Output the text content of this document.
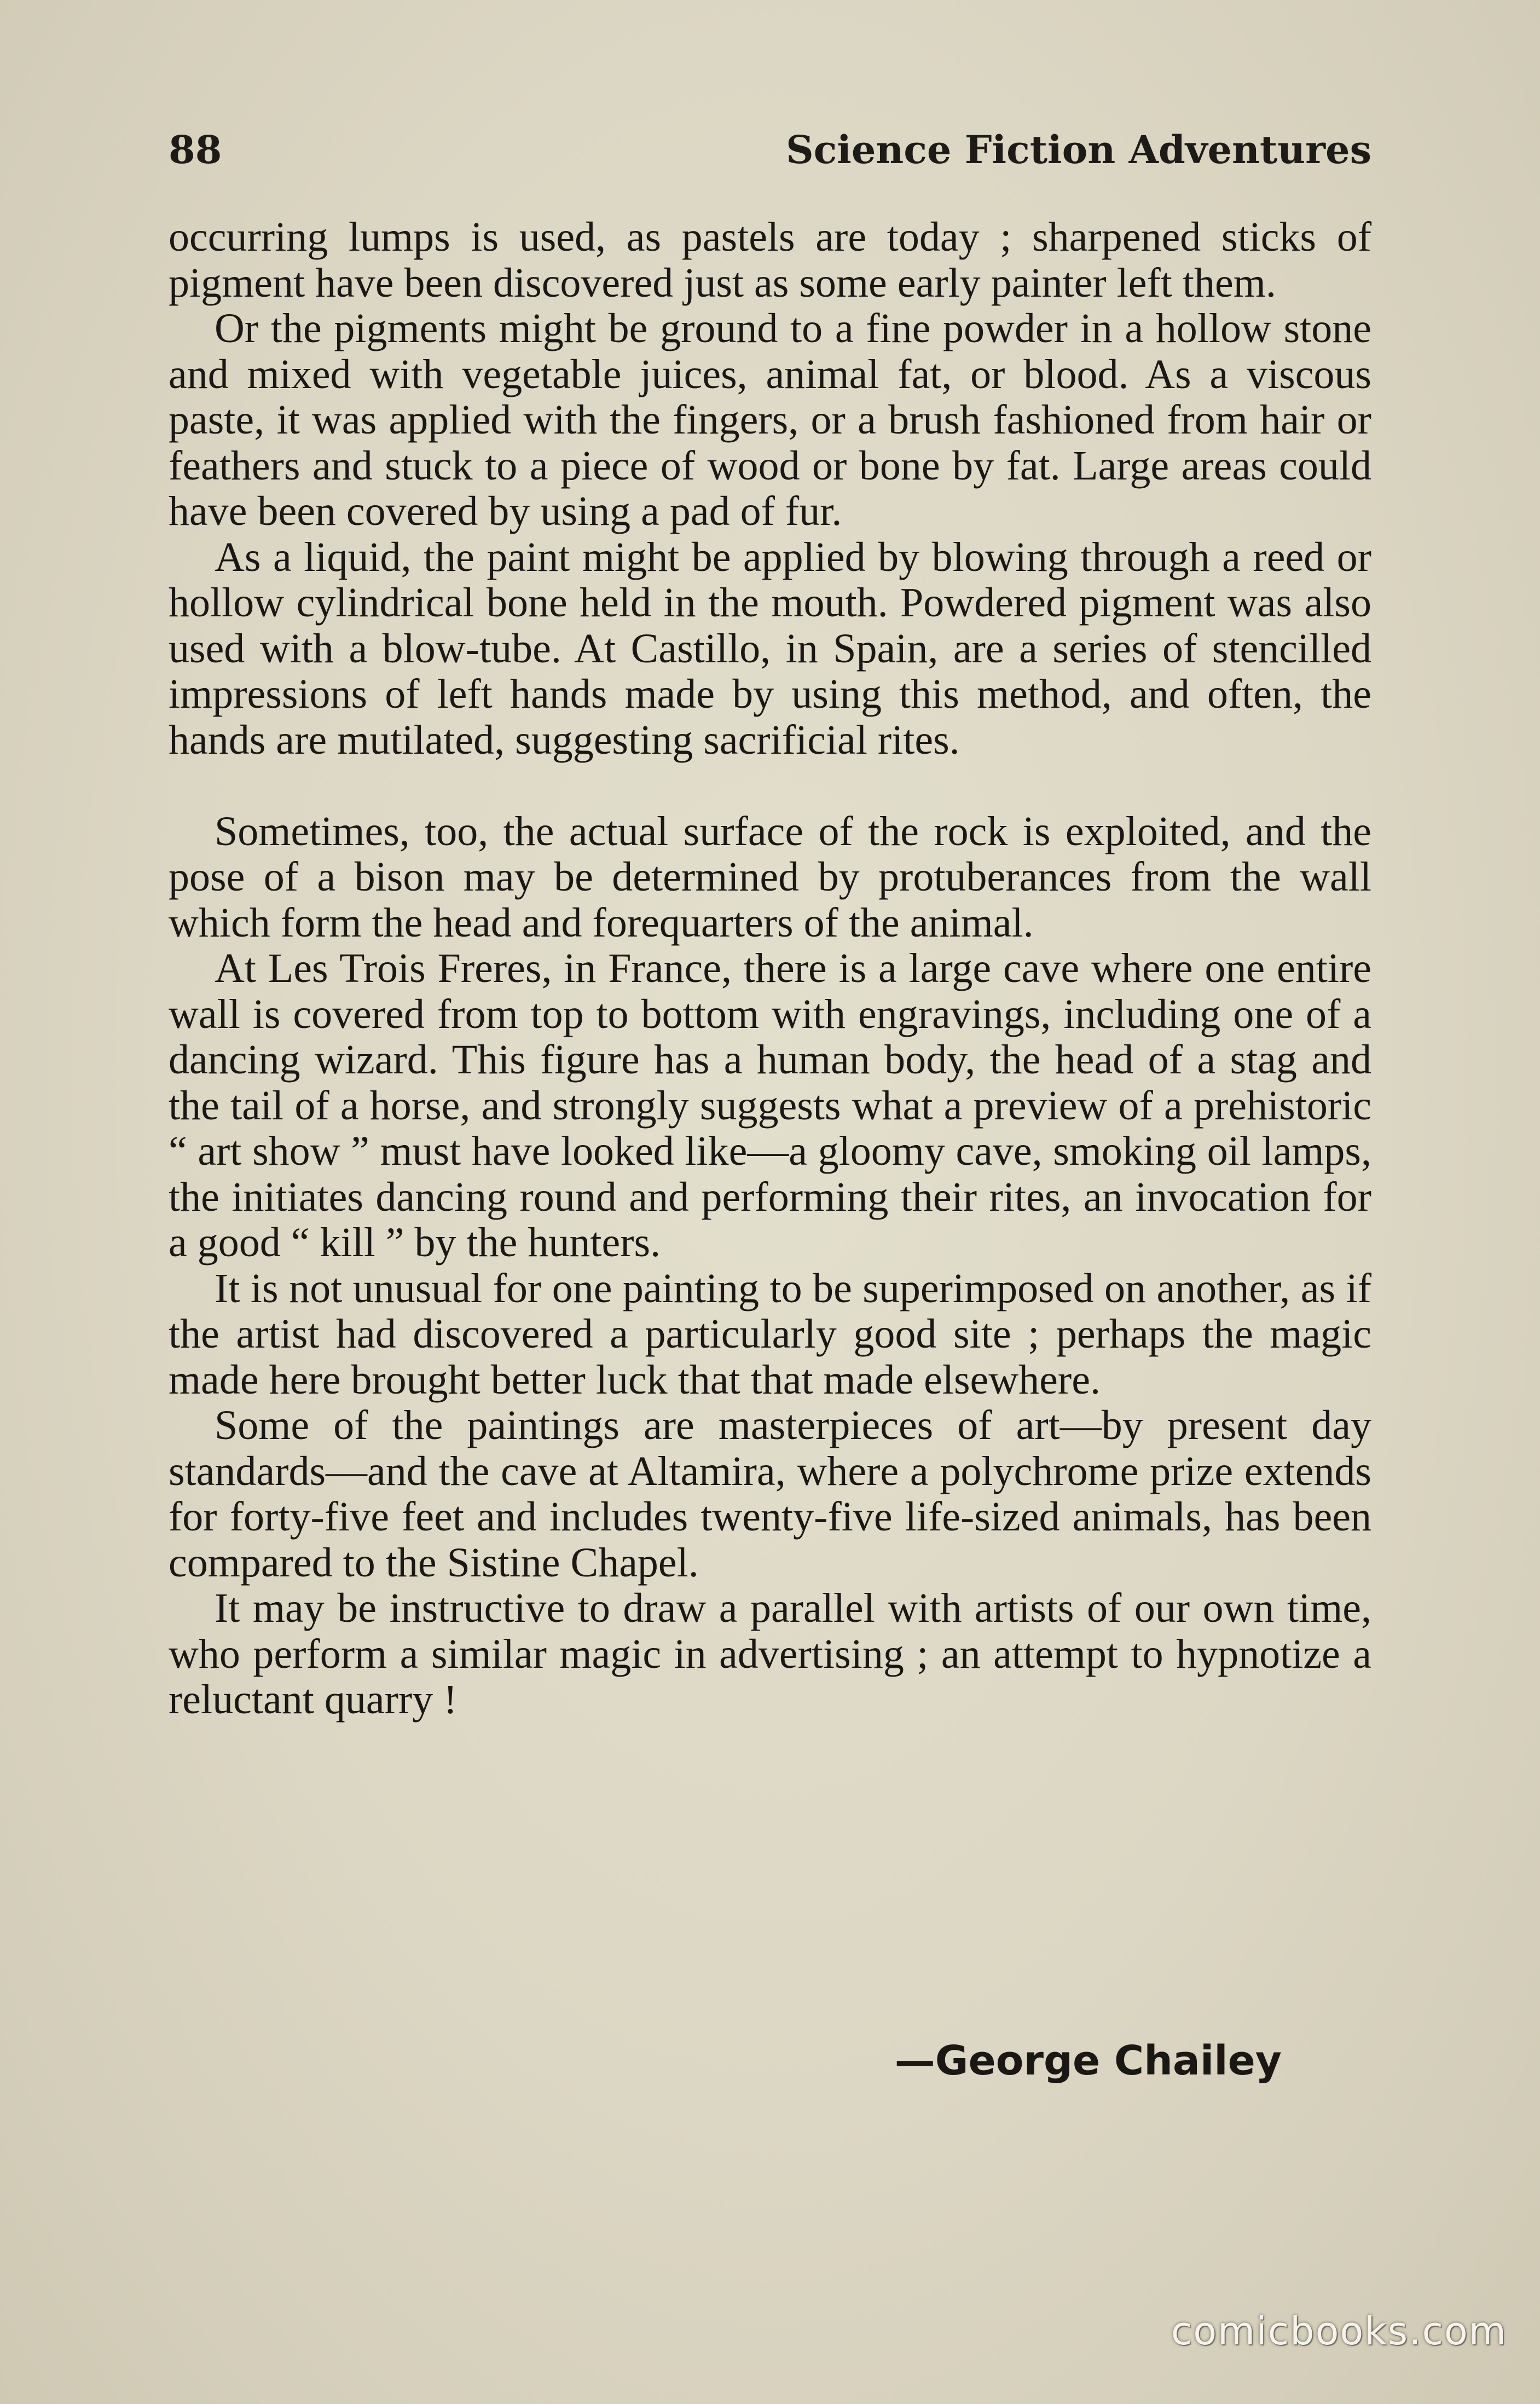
88	Science Fiction Adventures

occurring lumps is used, as pastels are today ; sharpened sticks of pigment have been discovered just as some early painter left them.

Or the pigments might be ground to a fine powder in a hollow stone and mixed with vegetable juices, animal fat, or blood. As a viscous paste, it was applied with the fingers, or a brush fashioned from hair or feathers and stuck to a piece of wood or bone by fat. Large areas could have been covered by using a pad of fur.

As a liquid, the paint might be applied by blowing through a reed or hollow cylindrical bone held in the mouth. Powdered pigment was also used with a blow-tube. At Castillo, in Spain, are a series of stencilled impressions of left hands made by using this method, and often, the hands are mutilated, suggesting sacrificial rites.

Sometimes, too, the actual surface of the rock is exploited, and the pose of a bison may be determined by protuberances from the wall which form the head and forequarters of the animal.

At Les Trois Freres, in France, there is a large cave where one entire wall is covered from top to bottom with engravings, including one of a dancing wizard. This figure has a human body, the head of a stag and the tail of a horse, and strongly suggests what a preview of a prehistoric “ art show ” must have looked like—a gloomy cave, smoking oil lamps, the initiates dancing round and performing their rites, an invocation for a good “ kill ” by the hunters.

It is not unusual for one painting to be superimposed on another, as if the artist had discovered a particularly good site ; perhaps the magic made here brought better luck that that made elsewhere.

Some of the paintings are masterpieces of art—by present day standards—and the cave at Altamira, where a polychrome prize extends for forty-five feet and includes twenty-five life-sized animals, has been compared to the Sistine Chapel.

It may be instructive to draw a parallel with artists of our own time, who perform a similar magic in advertising ; an attempt to hypnotize a reluctant quarry !

—George Chailey
comicbooks.com
